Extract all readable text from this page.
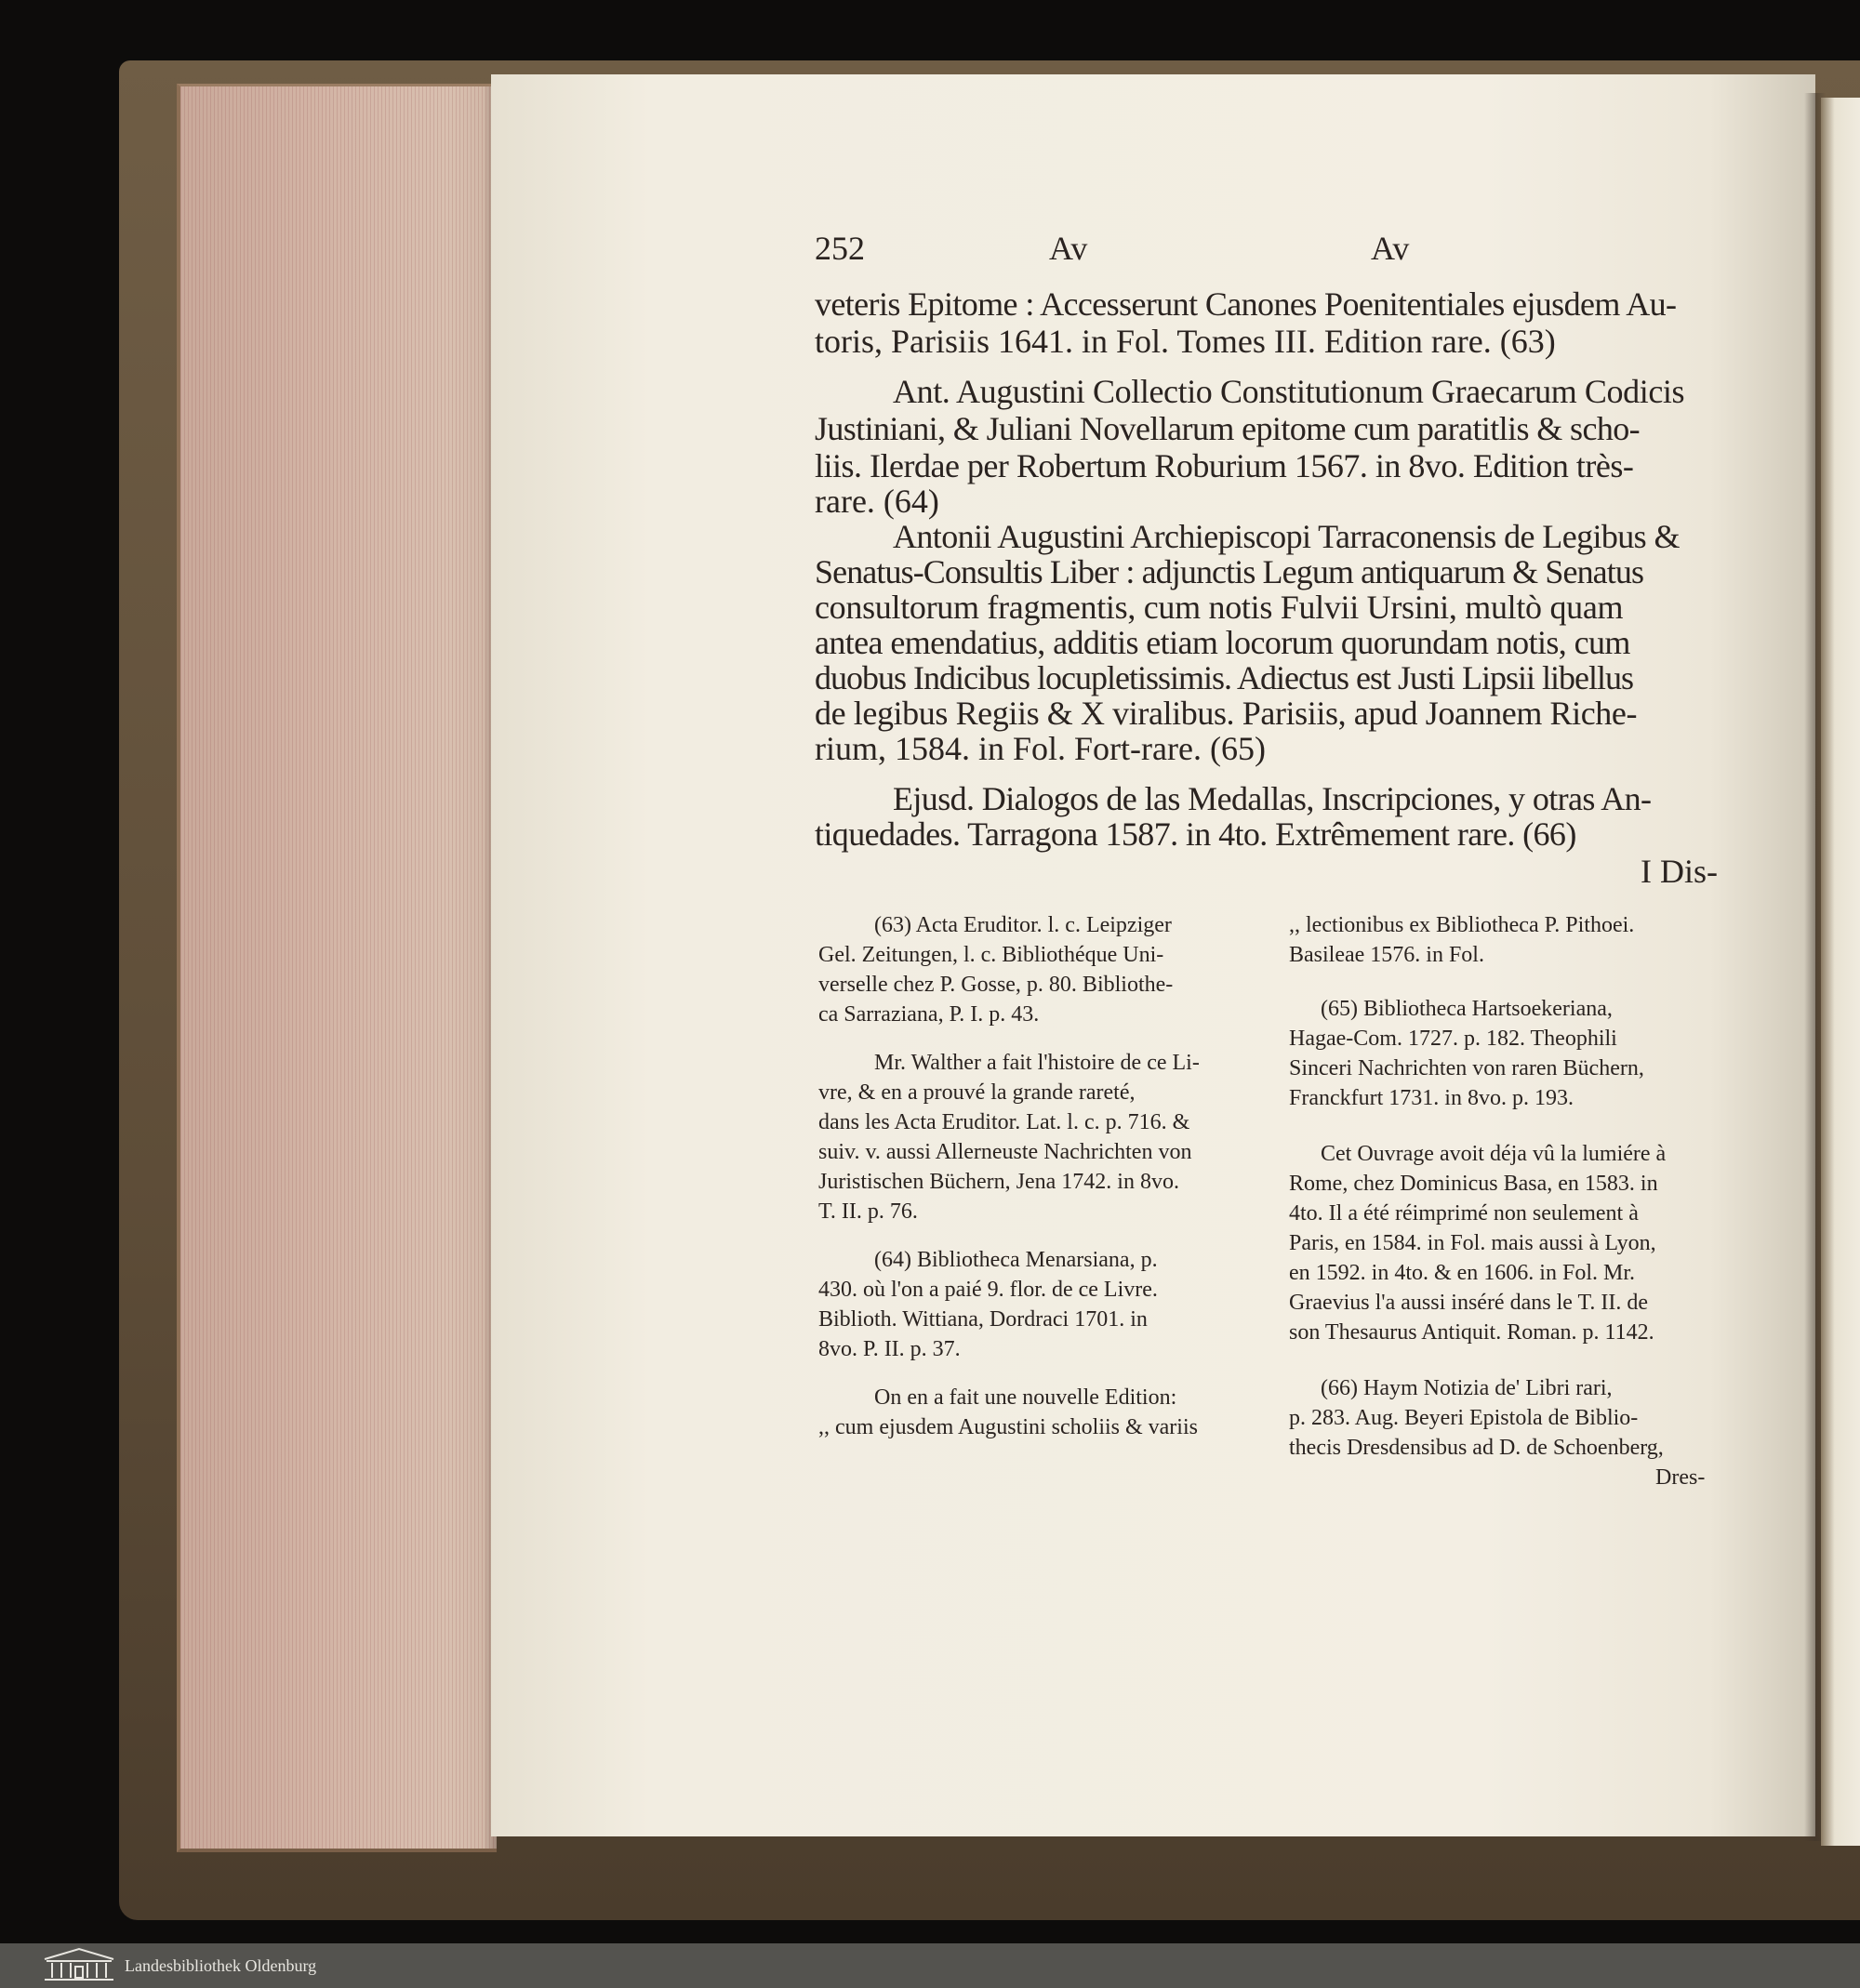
252	Av	Av
veteris Epitome : Accesserunt Canones Poenitentiales ejusdem Au-
toris, Parisiis 1641. in Fol. Tomes III. Edition rare. (63)
Ant. Augustini Collectio Constitutionum Graecarum Codicis
Justiniani, & Juliani Novellarum epitome cum paratitlis & scho-
liis. Ilerdae per Robertum Roburium 1567. in 8vo. Edition très-
rare. (64)
Antonii Augustini Archiepiscopi Tarraconensis de Legibus &
Senatus-Consultis Liber : adjunctis Legum antiquarum & Senatus
consultorum fragmentis, cum notis Fulvii Ursini, multò quam
antea emendatius, additis etiam locorum quorundam notis, cum
duobus Indicibus locupletissimis. Adiectus est Justi Lipsii libellus
de legibus Regiis & X viralibus. Parisiis, apud Joannem Riche-
rium, 1584. in Fol. Fort-rare. (65)
Ejusd. Dialogos de las Medallas, Inscripciones, y otras An-
tiquedades. Tarragona 1587. in 4to. Extrêmement rare. (66)
I Dis-
(63) Acta Eruditor. l. c. Leipziger
Gel. Zeitungen, l. c. Bibliothéque Uni-
verselle chez P. Gosse, p. 80. Bibliothe-
ca Sarraziana, P. I. p. 43.
Mr. Walther a fait l'histoire de ce Li-
vre, & en a prouvé la grande rareté,
dans les Acta Eruditor. Lat. l. c. p. 716. &
suiv. v. aussi Allerneuste Nachrichten von
Juristischen Büchern, Jena 1742. in 8vo.
T. II. p. 76.
(64) Bibliotheca Menarsiana, p.
430. où l'on a paié 9. flor. de ce Livre.
Biblioth. Wittiana, Dordraci 1701. in
8vo. P. II. p. 37.
On en a fait une nouvelle Edition:
,, cum ejusdem Augustini scholiis & variis
,, lectionibus ex Bibliotheca P. Pithoei.
Basileae 1576. in Fol.
(65) Bibliotheca Hartsoekeriana,
Hagae-Com. 1727. p. 182. Theophili
Sinceri Nachrichten von raren Büchern,
Franckfurt 1731. in 8vo. p. 193.
Cet Ouvrage avoit déja vû la lumiére à
Rome, chez Dominicus Basa, en 1583. in
4to. Il a été réimprimé non seulement à
Paris, en 1584. in Fol. mais aussi à Lyon,
en 1592. in 4to. & en 1606. in Fol. Mr.
Graevius l'a aussi inséré dans le T. II. de
son Thesaurus Antiquit. Roman. p. 1142.
(66) Haym Notizia de' Libri rari,
p. 283. Aug. Beyeri Epistola de Biblio-
thecis Dresdensibus ad D. de Schoenberg,
Dres-
Landesbibliothek Oldenburg
